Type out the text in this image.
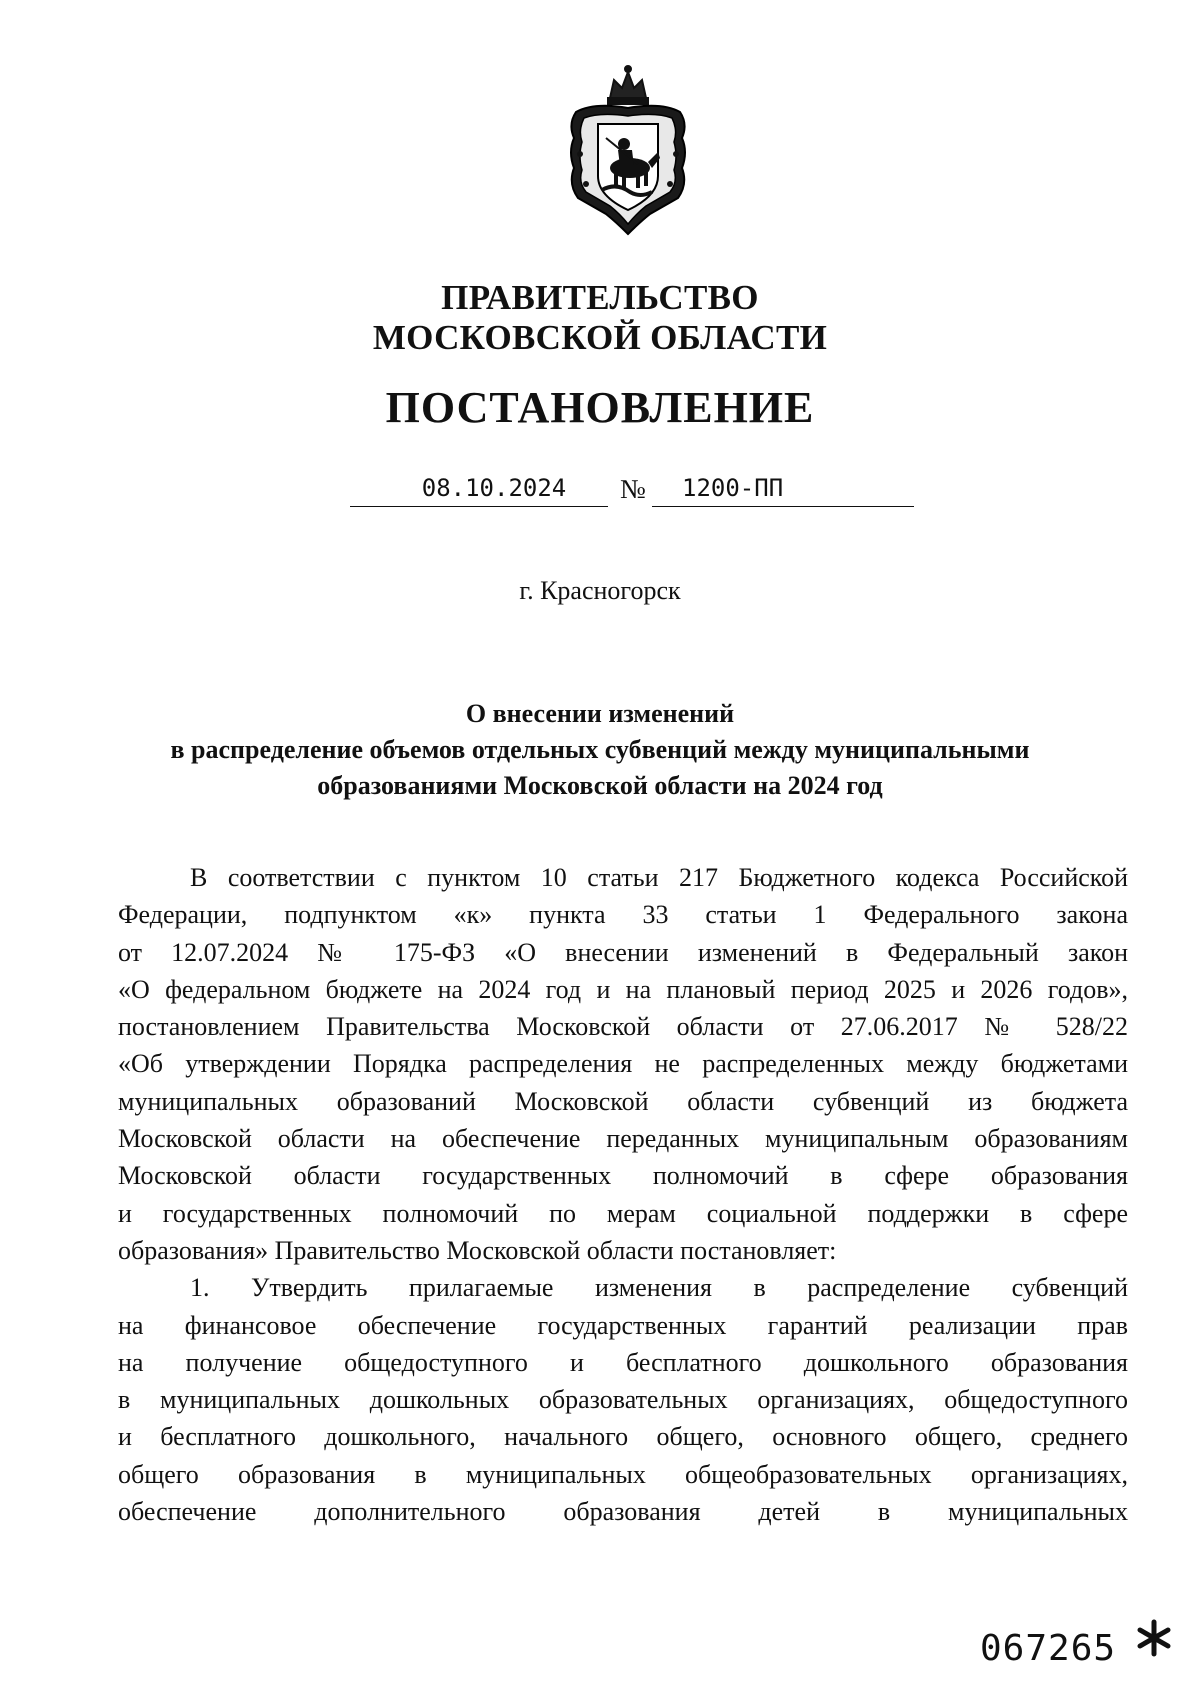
ПРАВИТЕЛЬСТВО
МОСКОВСКОЙ ОБЛАСТИ
ПОСТАНОВЛЕНИЕ
08.10.2024	№	1200-ПП
г. Красногорск
О внесении изменений
в распределение объемов отдельных субвенций между муниципальными
образованиями Московской области на 2024 год

В соответствии с пунктом 10 статьи 217 Бюджетного кодекса Российской
Федерации, подпунктом «к» пункта 33 статьи 1 Федерального закона
от 12.07.2024 № 175-ФЗ «О внесении изменений в Федеральный закон
«О федеральном бюджете на 2024 год и на плановый период 2025 и 2026 годов»,
постановлением Правительства Московской области от 27.06.2017 № 528/22
«Об утверждении Порядка распределения не распределенных между бюджетами
муниципальных образований Московской области субвенций из бюджета
Московской области на обеспечение переданных муниципальным образованиям
Московской области государственных полномочий в сфере образования
и государственных полномочий по мерам социальной поддержки в сфере
образования» Правительство Московской области постановляет:

1. Утвердить прилагаемые изменения в распределение субвенций
на финансовое обеспечение государственных гарантий реализации прав
на получение общедоступного и бесплатного дошкольного образования
в муниципальных дошкольных образовательных организациях, общедоступного
и бесплатного дошкольного, начального общего, основного общего, среднего
общего образования в муниципальных общеобразовательных организациях,
обеспечение дополнительного образования детей в муниципальных

067265
